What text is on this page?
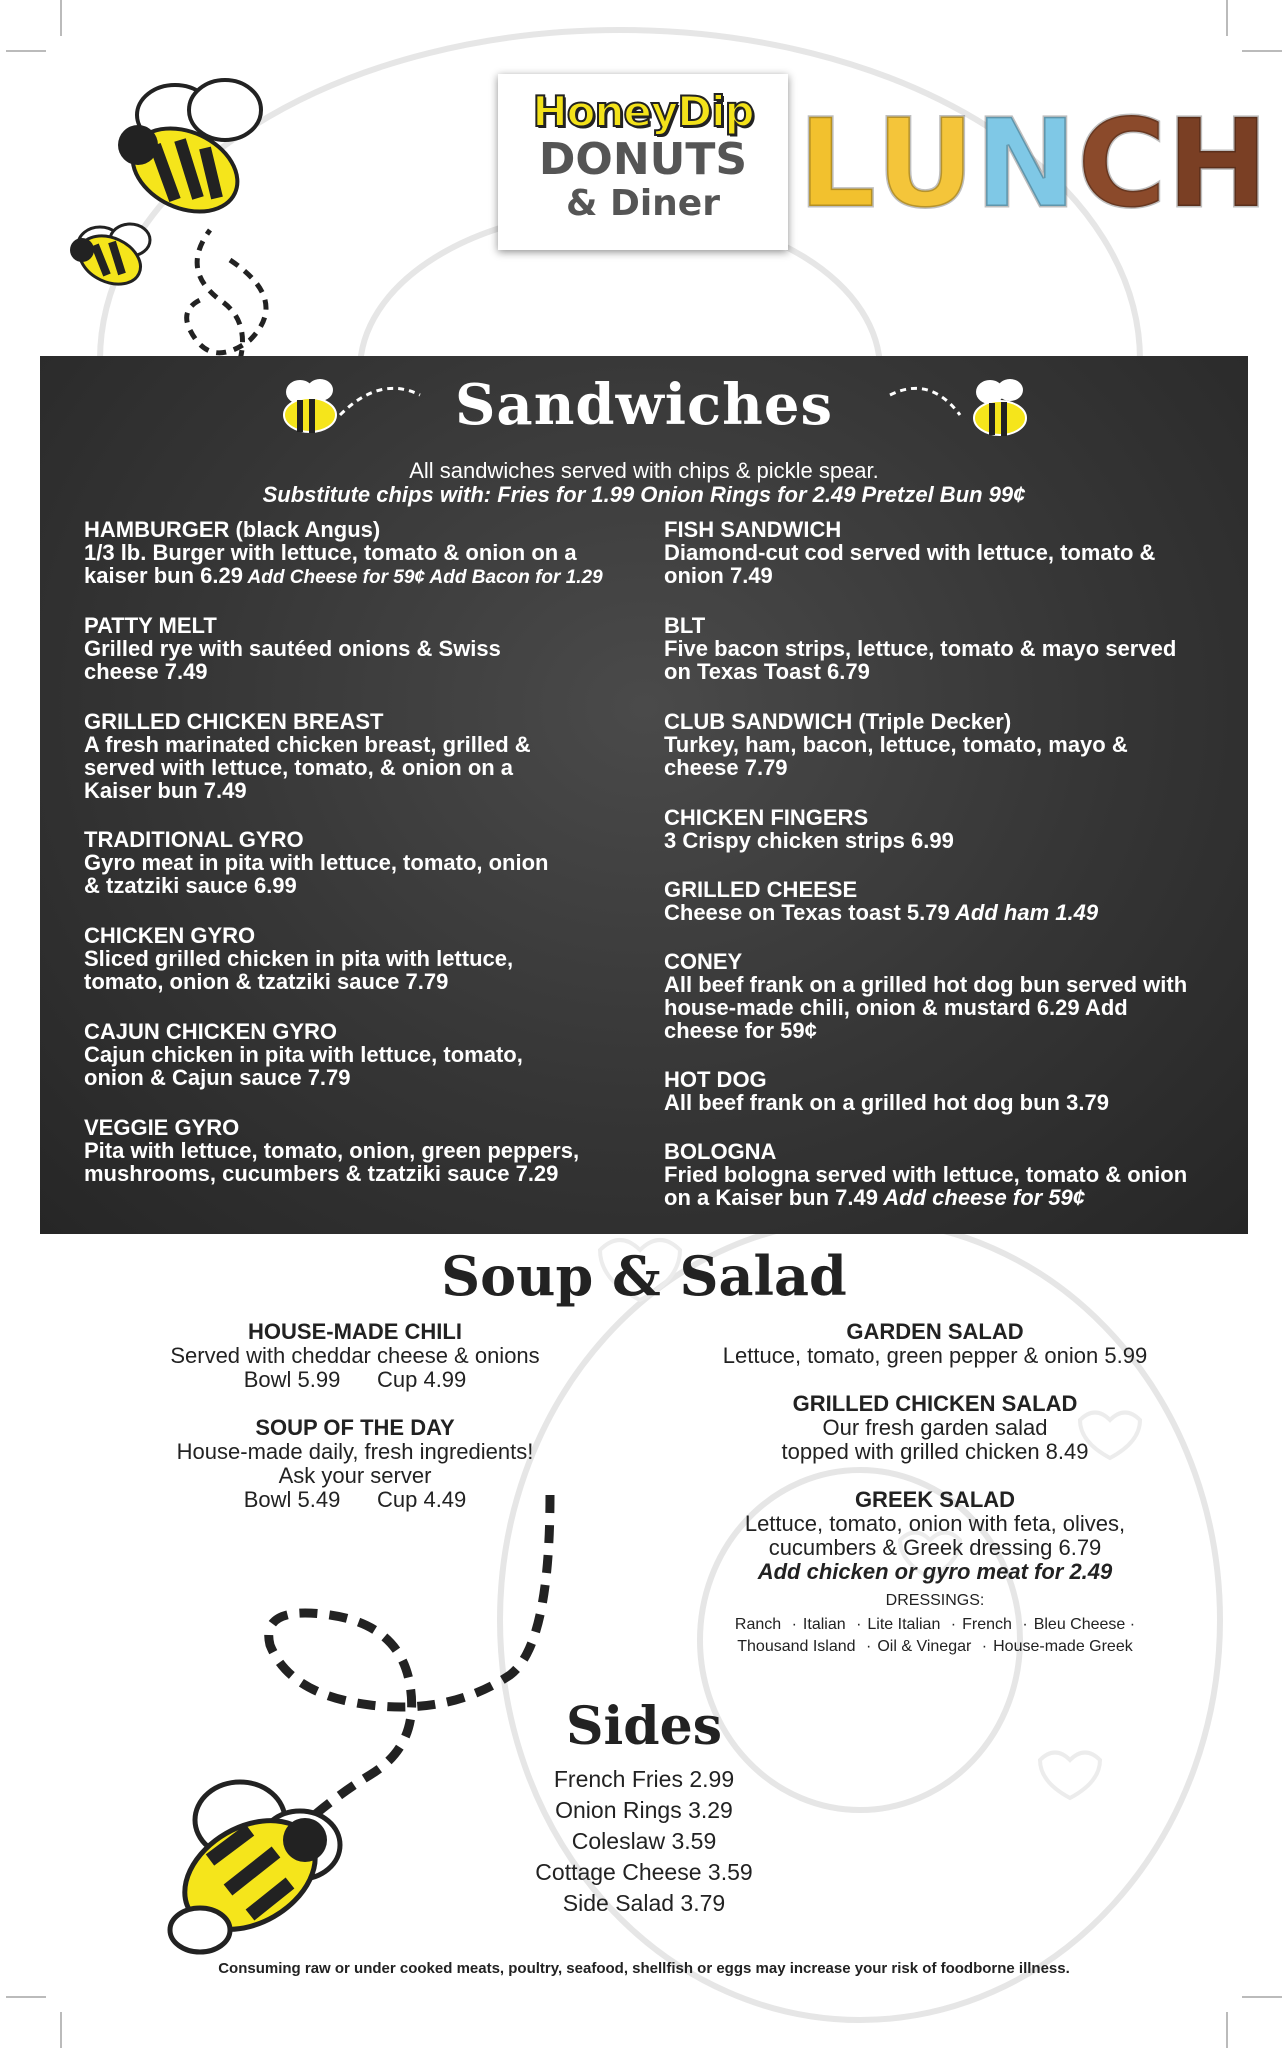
HoneyDip
DONUTS
& Diner L U N C H
Sandwiches
All sandwiches served with chips & pickle spear.
Substitute chips with: Fries for 1.99 Onion Rings for 2.49 Pretzel Bun 99¢
HAMBURGER (black Angus)
1/3 lb. Burger with lettuce, tomato & onion on a kaiser bun 6.29 Add Cheese for 59¢ Add Bacon for 1.29
PATTY MELT
Grilled rye with sautéed onions & Swiss cheese 7.49
GRILLED CHICKEN BREAST
A fresh marinated chicken breast, grilled & served with lettuce, tomato, & onion on a Kaiser bun 7.49
TRADITIONAL GYRO
Gyro meat in pita with lettuce, tomato, onion & tzatziki sauce 6.99
CHICKEN GYRO
Sliced grilled chicken in pita with lettuce, tomato, onion & tzatziki sauce 7.79
CAJUN CHICKEN GYRO
Cajun chicken in pita with lettuce, tomato, onion & Cajun sauce 7.79
VEGGIE GYRO
Pita with lettuce, tomato, onion, green peppers, mushrooms, cucumbers & tzatziki sauce 7.29
FISH SANDWICH
Diamond-cut cod served with lettuce, tomato & onion 7.49
BLT
Five bacon strips, lettuce, tomato & mayo served on Texas Toast 6.79
CLUB SANDWICH (Triple Decker)
Turkey, ham, bacon, lettuce, tomato, mayo & cheese 7.79
CHICKEN FINGERS
3 Crispy chicken strips 6.99
GRILLED CHEESE
Cheese on Texas toast 5.79 Add ham 1.49
CONEY
All beef frank on a grilled hot dog bun served with house-made chili, onion & mustard 6.29 Add cheese for 59¢
HOT DOG
All beef frank on a grilled hot dog bun 3.79
BOLOGNA
Fried bologna served with lettuce, tomato & onion on a Kaiser bun 7.49 Add cheese for 59¢
Soup & Salad
HOUSE-MADE CHILI
Served with cheddar cheese & onions
Bowl 5.99      Cup 4.99
SOUP OF THE DAY
House-made daily, fresh ingredients!
Ask your server
Bowl 5.49      Cup 4.49
GARDEN SALAD
Lettuce, tomato, green pepper & onion 5.99
GRILLED CHICKEN SALAD
Our fresh garden salad
topped with grilled chicken 8.49
GREEK SALAD
Lettuce, tomato, onion with feta, olives,
cucumbers & Greek dressing 6.79
Add chicken or gyro meat for 2.49
DRESSINGS:
Ranch · Italian · Lite Italian · French · Bleu Cheese ·
Thousand Island · Oil & Vinegar · House-made Greek
Sides
French Fries 2.99
Onion Rings 3.29
Coleslaw 3.59
Cottage Cheese 3.59
Side Salad 3.79
Consuming raw or under cooked meats, poultry, seafood, shellfish or eggs may increase your risk of foodborne illness.
